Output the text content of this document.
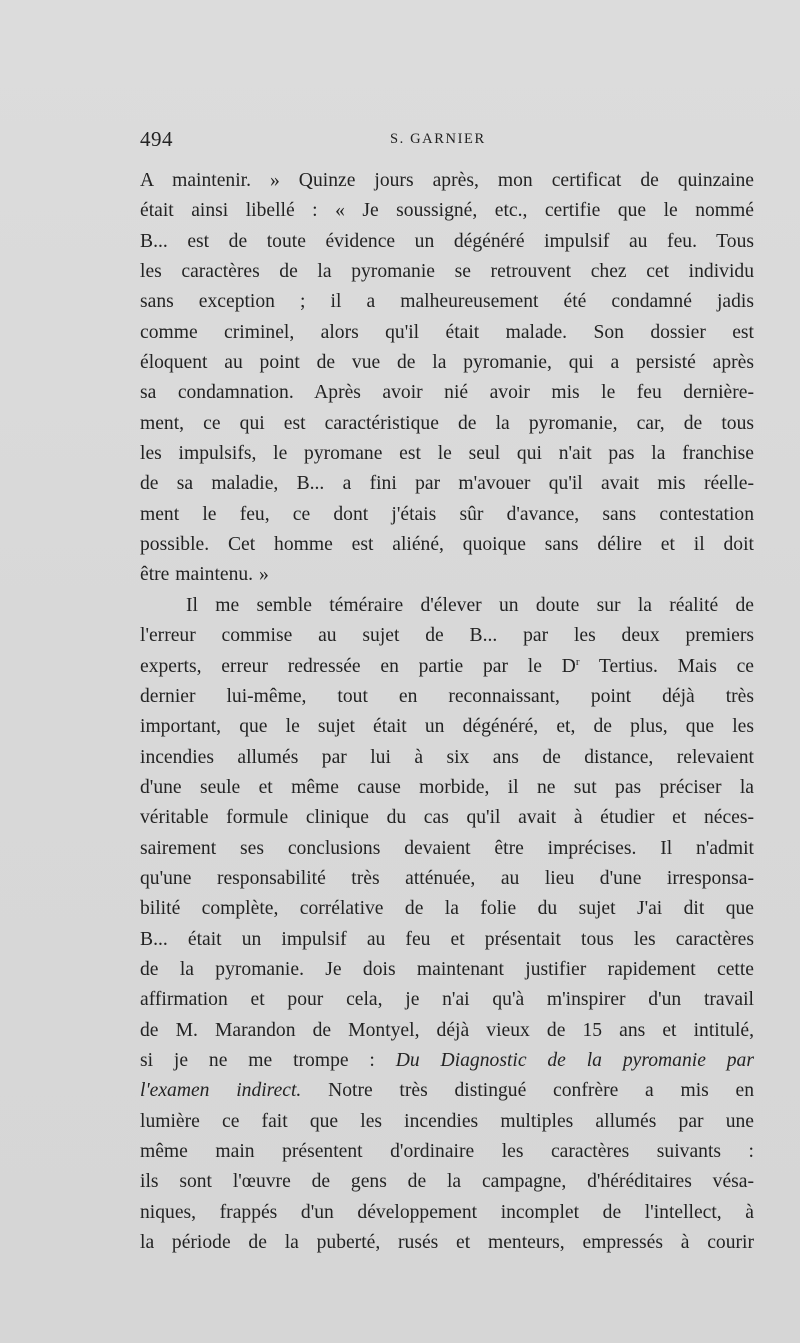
494	S. GARNIER
A maintenir. » Quinze jours après, mon certificat de quinzaine
était ainsi libellé : « Je soussigné, etc., certifie que le nommé
B... est de toute évidence un dégénéré impulsif au feu. Tous
les caractères de la pyromanie se retrouvent chez cet individu
sans exception ; il a malheureusement été condamné jadis
comme criminel, alors qu'il était malade. Son dossier est
éloquent au point de vue de la pyromanie, qui a persisté après
sa condamnation. Après avoir nié avoir mis le feu dernière-
ment, ce qui est caractéristique de la pyromanie, car, de tous
les impulsifs, le pyromane est le seul qui n'ait pas la franchise
de sa maladie, B... a fini par m'avouer qu'il avait mis réelle-
ment le feu, ce dont j'étais sûr d'avance, sans contestation
possible. Cet homme est aliéné, quoique sans délire et il doit
être maintenu. »
Il me semble téméraire d'élever un doute sur la réalité de
l'erreur commise au sujet de B... par les deux premiers
experts, erreur redressée en partie par le $D^r$ Tertius. Mais ce
dernier lui-même, tout en reconnaissant, point déjà très
important, que le sujet était un dégénéré, et, de plus, que les
incendies allumés par lui à six ans de distance, relevaient
d'une seule et même cause morbide, il ne sut pas préciser la
véritable formule clinique du cas qu'il avait à étudier et néces-
sairement ses conclusions devaient être imprécises. Il n'admit
qu'une responsabilité très atténuée, au lieu d'une irresponsa-
bilité complète, corrélative de la folie du sujet J'ai dit que
B... était un impulsif au feu et présentait tous les caractères
de la pyromanie. Je dois maintenant justifier rapidement cette
affirmation et pour cela, je n'ai qu'à m'inspirer d'un travail
de M. Marandon de Montyel, déjà vieux de 15 ans et intitulé,
si je ne me trompe : Du Diagnostic de la pyromanie par
l'examen indirect. Notre très distingué confrère a mis en
lumière ce fait que les incendies multiples allumés par une
même main présentent d'ordinaire les caractères suivants :
ils sont l'œuvre de gens de la campagne, d'héréditaires vésa-
niques, frappés d'un développement incomplet de l'intellect, à
la période de la puberté, rusés et menteurs, empressés à courir
